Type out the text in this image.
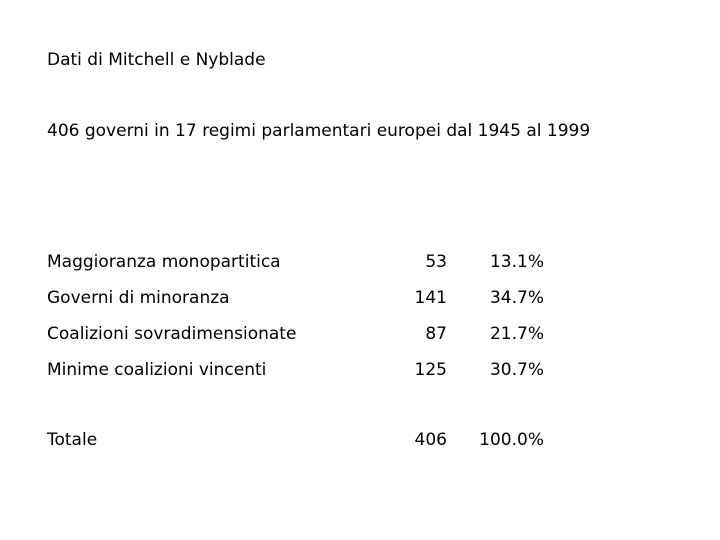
Dati di Mitchell e Nyblade
406 governi in 17 regimi parlamentari europei dal 1945 al 1999
Maggioranza monopartitica	53	13.1%
Governi di minoranza	141	34.7%
Coalizioni sovradimensionate	87	21.7%
Minime coalizioni vincenti	125	30.7%
Totale	406	100.0%
